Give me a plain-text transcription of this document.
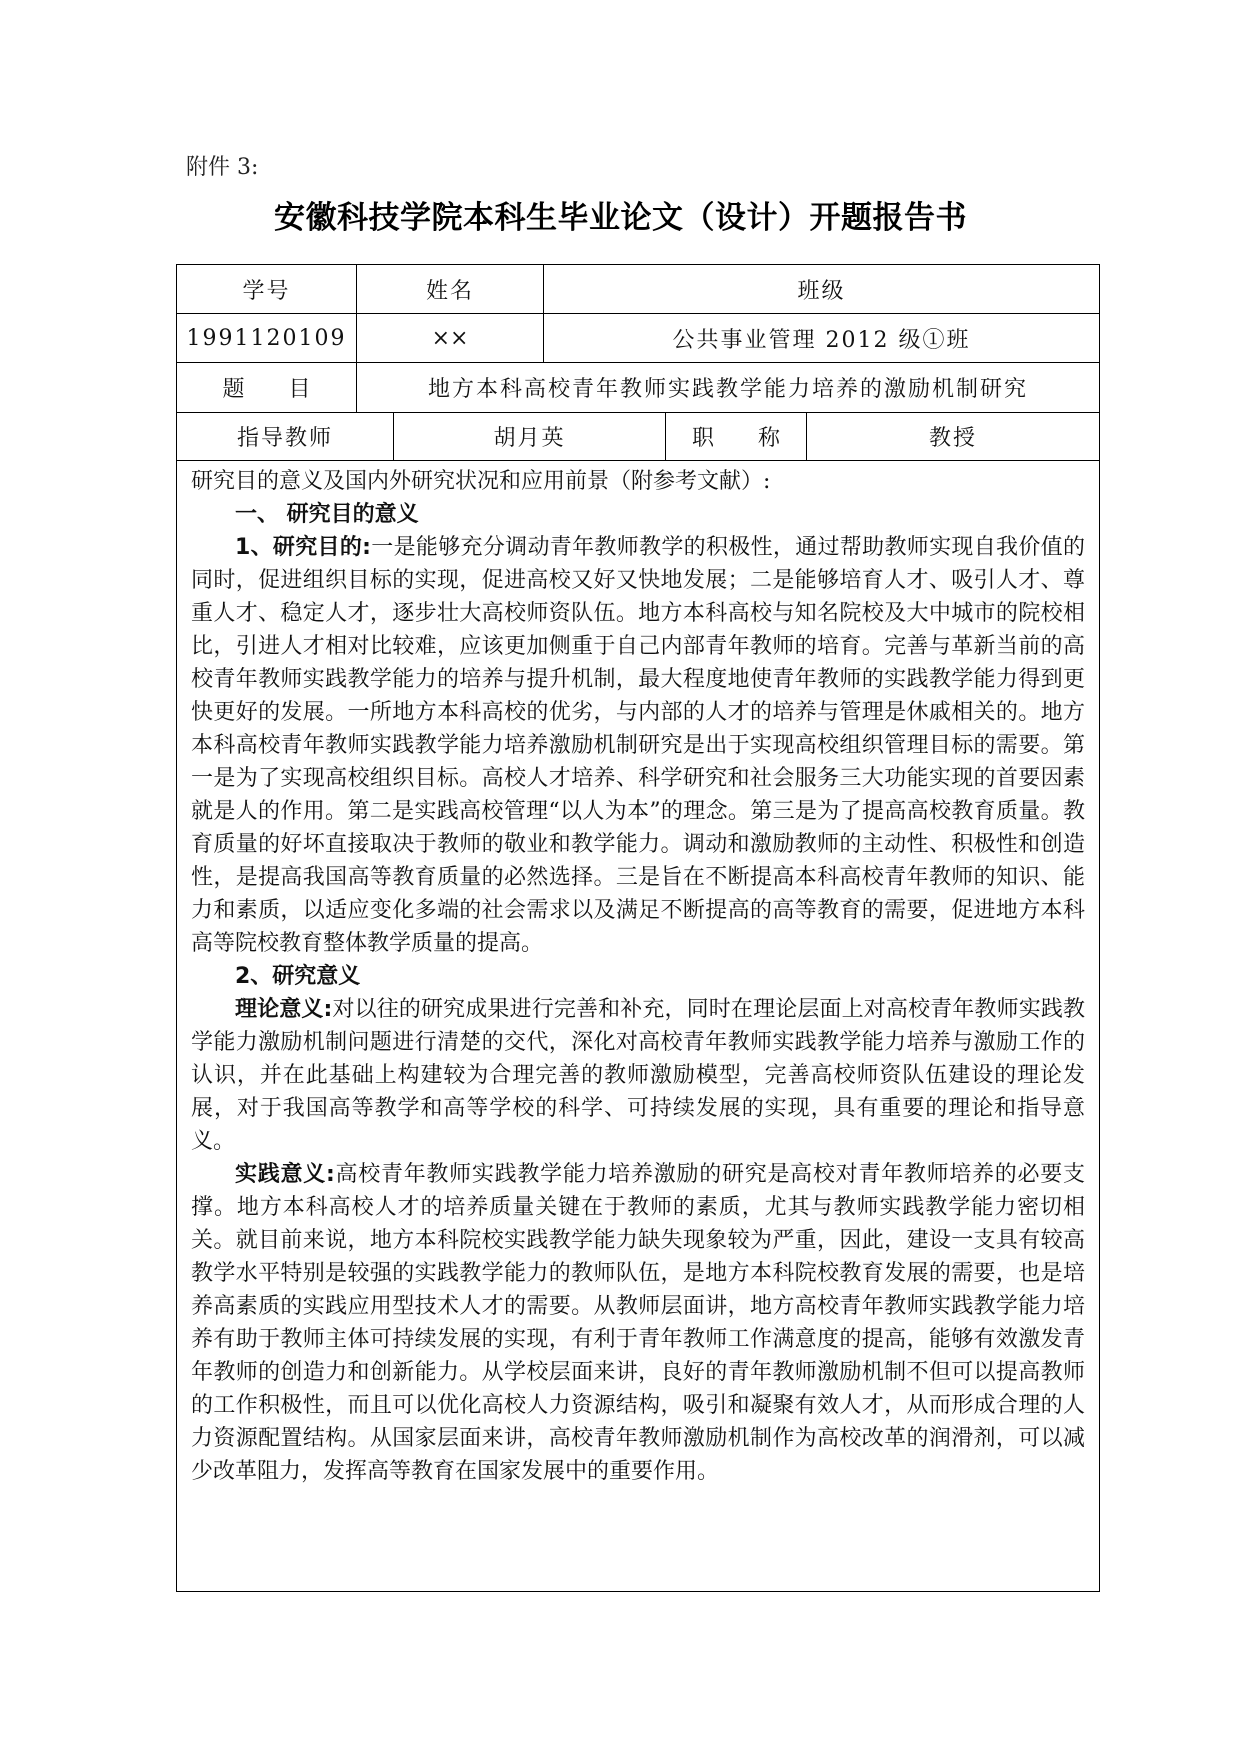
附件 3:
安徽科技学院本科生毕业论文（设计）开题报告书
学号	姓名	班级
1991120109	××	公共事业管理 2012 级①班
题　　目	地方本科高校青年教师实践教学能力培养的激励机制研究
指导教师	胡月英	职　　称	教授

研究目的意义及国内外研究状况和应用前景（附参考文献）:

一、 研究目的意义

1、研究目的:一是能够充分调动青年教师教学的积极性，通过帮助教师实现自我价值的同时，促进组织目标的实现，促进高校又好又快地发展；二是能够培育人才、吸引人才、尊重人才、稳定人才，逐步壮大高校师资队伍。地方本科高校与知名院校及大中城市的院校相比，引进人才相对比较难，应该更加侧重于自己内部青年教师的培育。完善与革新当前的高校青年教师实践教学能力的培养与提升机制，最大程度地使青年教师的实践教学能力得到更快更好的发展。一所地方本科高校的优劣，与内部的人才的培养与管理是休戚相关的。地方本科高校青年教师实践教学能力培养激励机制研究是出于实现高校组织管理目标的需要。第一是为了实现高校组织目标。高校人才培养、科学研究和社会服务三大功能实现的首要因素就是人的作用。第二是实践高校管理“以人为本”的理念。第三是为了提高高校教育质量。教育质量的好坏直接取决于教师的敬业和教学能力。调动和激励教师的主动性、积极性和创造性，是提高我国高等教育质量的必然选择。三是旨在不断提高本科高校青年教师的知识、能力和素质，以适应变化多端的社会需求以及满足不断提高的高等教育的需要，促进地方本科高等院校教育整体教学质量的提高。

2、研究意义

理论意义:对以往的研究成果进行完善和补充，同时在理论层面上对高校青年教师实践教学能力激励机制问题进行清楚的交代，深化对高校青年教师实践教学能力培养与激励工作的认识，并在此基础上构建较为合理完善的教师激励模型，完善高校师资队伍建设的理论发展，对于我国高等教学和高等学校的科学、可持续发展的实现，具有重要的理论和指导意义。

实践意义:高校青年教师实践教学能力培养激励的研究是高校对青年教师培养的必要支撑。地方本科高校人才的培养质量关键在于教师的素质，尤其与教师实践教学能力密切相关。就目前来说，地方本科院校实践教学能力缺失现象较为严重，因此，建设一支具有较高教学水平特别是较强的实践教学能力的教师队伍，是地方本科院校教育发展的需要，也是培养高素质的实践应用型技术人才的需要。从教师层面讲，地方高校青年教师实践教学能力培养有助于教师主体可持续发展的实现，有利于青年教师工作满意度的提高，能够有效激发青年教师的创造力和创新能力。从学校层面来讲，良好的青年教师激励机制不但可以提高教师的工作积极性，而且可以优化高校人力资源结构，吸引和凝聚有效人才，从而形成合理的人力资源配置结构。从国家层面来讲，高校青年教师激励机制作为高校改革的润滑剂，可以减少改革阻力，发挥高等教育在国家发展中的重要作用。
